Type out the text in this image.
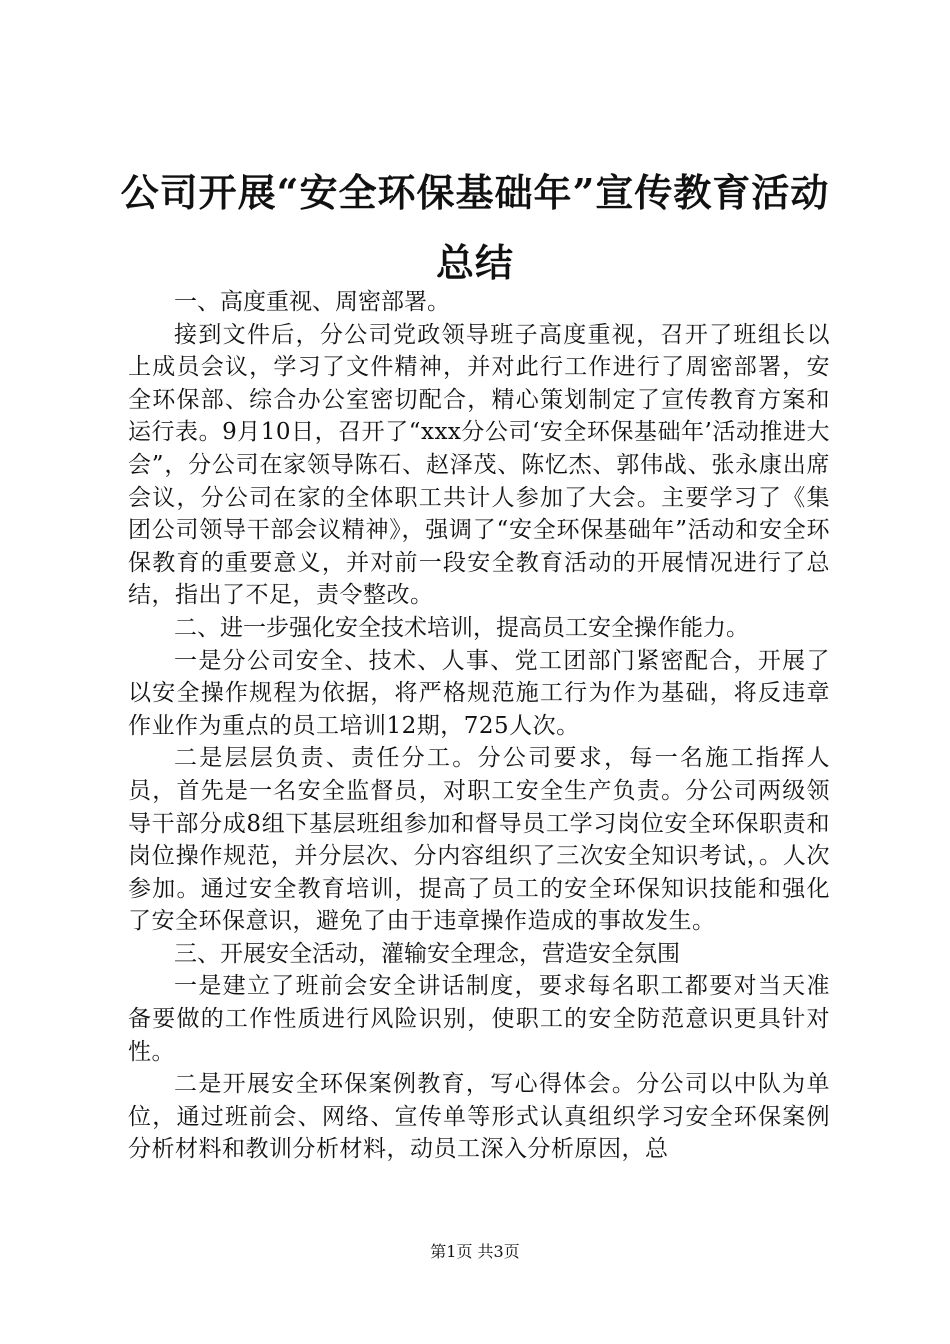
公司开展“安全环保基础年”宣传教育活动总结

一、高度重视、周密部署。

接到文件后，分公司党政领导班子高度重视，召开了班组长以上成员会议，学习了文件精神，并对此行工作进行了周密部署，安全环保部、综合办公室密切配合，精心策划制定了宣传教育方案和运行表。9月10日，召开了“xxx分公司‘安全环保基础年’活动推进大会”，分公司在家领导陈石、赵泽茂、陈忆杰、郭伟战、张永康出席会议，分公司在家的全体职工共计人参加了大会。主要学习了《集团公司领导干部会议精神》，强调了“安全环保基础年”活动和安全环保教育的重要意义，并对前一段安全教育活动的开展情况进行了总结，指出了不足，责令整改。

二、进一步强化安全技术培训，提高员工安全操作能力。

一是分公司安全、技术、人事、党工团部门紧密配合，开展了以安全操作规程为依据，将严格规范施工行为作为基础，将反违章作业作为重点的员工培训12期，725人次。

二是层层负责、责任分工。分公司要求，每一名施工指挥人员，首先是一名安全监督员，对职工安全生产负责。分公司两级领导干部分成8组下基层班组参加和督导员工学习岗位安全环保职责和岗位操作规范，并分层次、分内容组织了三次安全知识考试，。人次参加。通过安全教育培训，提高了员工的安全环保知识技能和强化了安全环保意识，避免了由于违章操作造成的事故发生。

三、开展安全活动，灌输安全理念，营造安全氛围

一是建立了班前会安全讲话制度，要求每名职工都要对当天准备要做的工作性质进行风险识别，使职工的安全防范意识更具针对性。

二是开展安全环保案例教育，写心得体会。分公司以中队为单位，通过班前会、网络、宣传单等形式认真组织学习安全环保案例分析材料和教训分析材料，动员工深入分析原因，总

第1页 共3页
